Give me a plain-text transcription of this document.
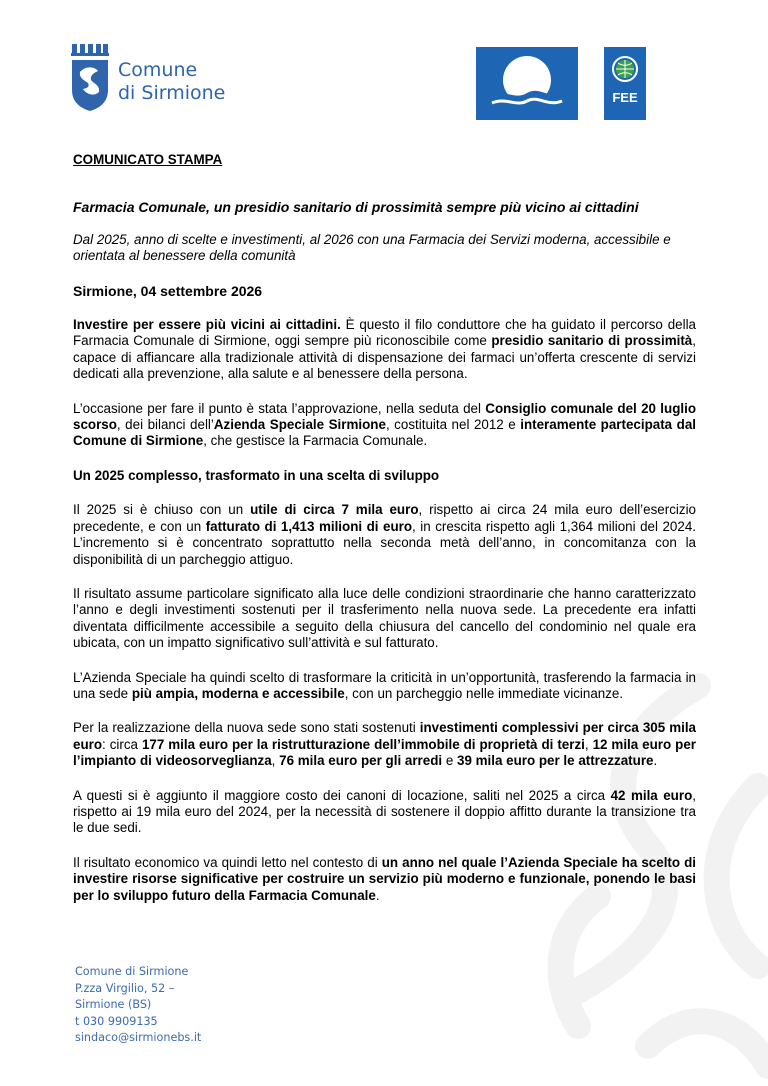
Comune
di Sirmione	FEE

COMUNICATO STAMPA

Farmacia Comunale, un presidio sanitario di prossimità sempre più vicino ai cittadini

Dal 2025, anno di scelte e investimenti, al 2026 con una Farmacia dei Servizi moderna, accessibile e orientata al benessere della comunità

Sirmione, 04 settembre 2026

Investire per essere più vicini ai cittadini. È questo il filo conduttore che ha guidato il percorso della Farmacia Comunale di Sirmione, oggi sempre più riconoscibile come presidio sanitario di prossimità, capace di affiancare alla tradizionale attività di dispensazione dei farmaci un’offerta crescente di servizi dedicati alla prevenzione, alla salute e al benessere della persona.

L’occasione per fare il punto è stata l’approvazione, nella seduta del Consiglio comunale del 20 luglio scorso, dei bilanci dell’Azienda Speciale Sirmione, costituita nel 2012 e interamente partecipata dal Comune di Sirmione, che gestisce la Farmacia Comunale.

Un 2025 complesso, trasformato in una scelta di sviluppo

Il 2025 si è chiuso con un utile di circa 7 mila euro, rispetto ai circa 24 mila euro dell’esercizio precedente, e con un fatturato di 1,413 milioni di euro, in crescita rispetto agli 1,364 milioni del 2024. L’incremento si è concentrato soprattutto nella seconda metà dell’anno, in concomitanza con la disponibilità di un parcheggio attiguo.

Il risultato assume particolare significato alla luce delle condizioni straordinarie che hanno caratterizzato l’anno e degli investimenti sostenuti per il trasferimento nella nuova sede. La precedente era infatti diventata difficilmente accessibile a seguito della chiusura del cancello del condominio nel quale era ubicata, con un impatto significativo sull’attività e sul fatturato.

L’Azienda Speciale ha quindi scelto di trasformare la criticità in un’opportunità, trasferendo la farmacia in una sede più ampia, moderna e accessibile, con un parcheggio nelle immediate vicinanze.

Per la realizzazione della nuova sede sono stati sostenuti investimenti complessivi per circa 305 mila euro: circa 177 mila euro per la ristrutturazione dell’immobile di proprietà di terzi, 12 mila euro per l’impianto di videosorveglianza, 76 mila euro per gli arredi e 39 mila euro per le attrezzature.

A questi si è aggiunto il maggiore costo dei canoni di locazione, saliti nel 2025 a circa 42 mila euro, rispetto ai 19 mila euro del 2024, per la necessità di sostenere il doppio affitto durante la transizione tra le due sedi.

Il risultato economico va quindi letto nel contesto di un anno nel quale l’Azienda Speciale ha scelto di investire risorse significative per costruire un servizio più moderno e funzionale, ponendo le basi per lo sviluppo futuro della Farmacia Comunale.

Comune di Sirmione
P.zza Virgilio, 52 –
Sirmione (BS)
t 030 9909135
sindaco@sirmionebs.it
